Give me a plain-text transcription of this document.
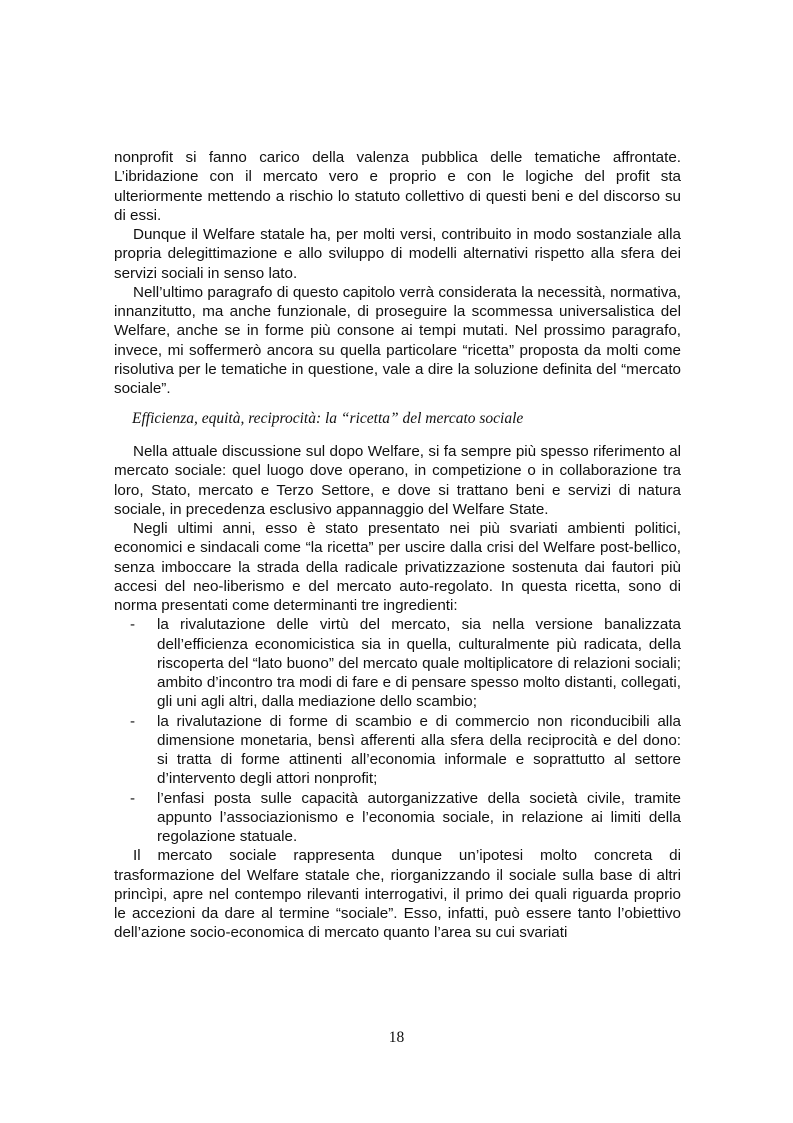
nonprofit si fanno carico della valenza pubblica delle tematiche affrontate. L’ibridazione con il mercato vero e proprio e con le logiche del profit sta ulteriormente mettendo a rischio lo statuto collettivo di questi beni e del discorso su di essi.

Dunque il Welfare statale ha, per molti versi, contribuito in modo sostanziale alla propria delegittimazione e allo sviluppo di modelli alternativi rispetto alla sfera dei servizi sociali in senso lato.

Nell’ultimo paragrafo di questo capitolo verrà considerata la necessità, normativa, innanzitutto, ma anche funzionale, di proseguire la scommessa universalistica del Welfare, anche se in forme più consone ai tempi mutati. Nel prossimo paragrafo, invece, mi soffermerò ancora su quella particolare “ricetta” proposta da molti come risolutiva per le tematiche in questione, vale a dire la soluzione definita del “mercato sociale”.

Efficienza, equità, reciprocità: la “ricetta” del mercato sociale

Nella attuale discussione sul dopo Welfare, si fa sempre più spesso riferimento al mercato sociale: quel luogo dove operano, in competizione o in collaborazione tra loro, Stato, mercato e Terzo Settore, e dove si trattano beni e servizi di natura sociale, in precedenza esclusivo appannaggio del Welfare State.

Negli ultimi anni, esso è stato presentato nei più svariati ambienti politici, economici e sindacali come “la ricetta” per uscire dalla crisi del Welfare post-bellico, senza imboccare la strada della radicale privatizzazione sostenuta dai fautori più accesi del neo-liberismo e del mercato auto-regolato. In questa ricetta, sono di norma presentati come determinanti tre ingredienti:

- la rivalutazione delle virtù del mercato, sia nella versione banalizzata dell’efficienza economicistica sia in quella, culturalmente più radicata, della riscoperta del “lato buono” del mercato quale moltiplicatore di relazioni sociali; ambito d’incontro tra modi di fare e di pensare spesso molto distanti, collegati, gli uni agli altri, dalla mediazione dello scambio;
- la rivalutazione di forme di scambio e di commercio non riconducibili alla dimensione monetaria, bensì afferenti alla sfera della reciprocità e del dono: si tratta di forme attinenti all’economia informale e soprattutto al settore d’intervento degli attori nonprofit;
- l’enfasi posta sulle capacità autorganizzative della società civile, tramite appunto l’associazionismo e l’economia sociale, in relazione ai limiti della regolazione statuale.

Il mercato sociale rappresenta dunque un’ipotesi molto concreta di trasformazione del Welfare statale che, riorganizzando il sociale sulla base di altri princìpi, apre nel contempo rilevanti interrogativi, il primo dei quali riguarda proprio le accezioni da dare al termine “sociale”. Esso, infatti, può essere tanto l’obiettivo dell’azione socio-economica di mercato quanto l’area su cui svariati

18
